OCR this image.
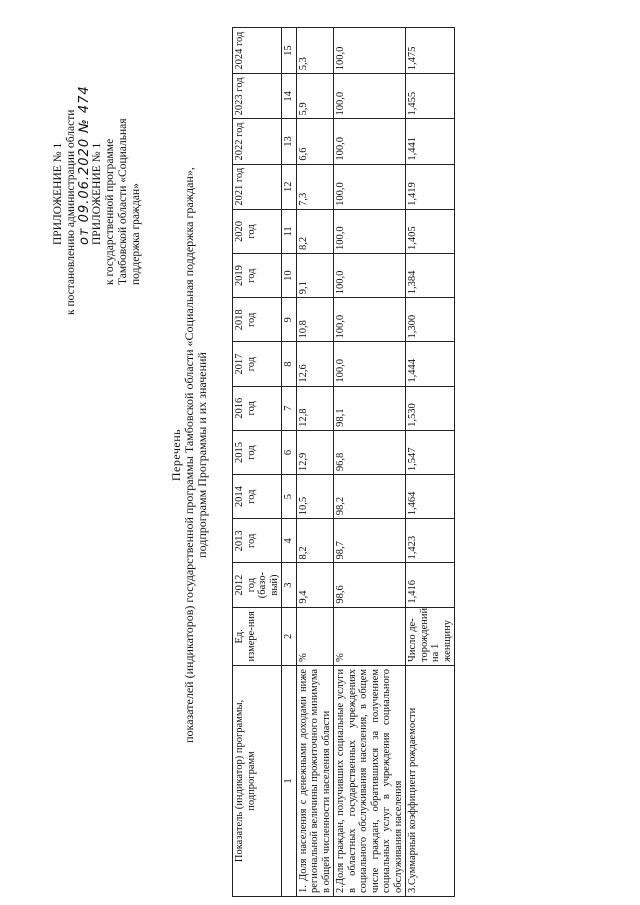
ПРИЛОЖЕНИЕ № 1 к постановлению администрации области от 09.06.2020 № 474 ПРИЛОЖЕНИЕ № 1 к государственной программе Тамбовской области «Социальная поддержка граждан»
Перечень показателей (индикаторов) государственной программы Тамбовской области «Социальная поддержка граждан», подпрограмм Программы и их значений
Показатель (индикатор) программы, подпрограмм	Ед. измере-ния	2012 год (базо-вый)	2013 год	2014 год	2015 год	2016 год	2017 год	2018 год	2019 год	2020 год	2021 год	2022 год	2023 год	2024 год
1	2	3	4	5	6	7	8	9	10	11	12	13	14	15
1. Доля населения с денежными доходами ниже региональной величины прожиточного минимума в общей численности населения области	%	9,4	8,2	10,5	12,9	12,8	12,6	10,8	9,1	8,2	7,3	6,6	5,9	5,3
2.Доля граждан, получивших социальные услуги в областных государственных учреждениях социального обслуживания населения, в общем числе граждан, обратившихся за получением социальных услуг в учреждения социального обслуживания населения	%	98,6	98,7	98,2	96,8	98,1	100,0	100,0	100,0	100,0	100,0	100,0	100,0	100,0
3.Суммарный коэффициент рождаемости	Число де-торождений на 1 женщину	1,416	1,423	1,464	1,547	1,530	1,444	1,300	1,384	1,405	1,419	1,441	1,455	1,475
